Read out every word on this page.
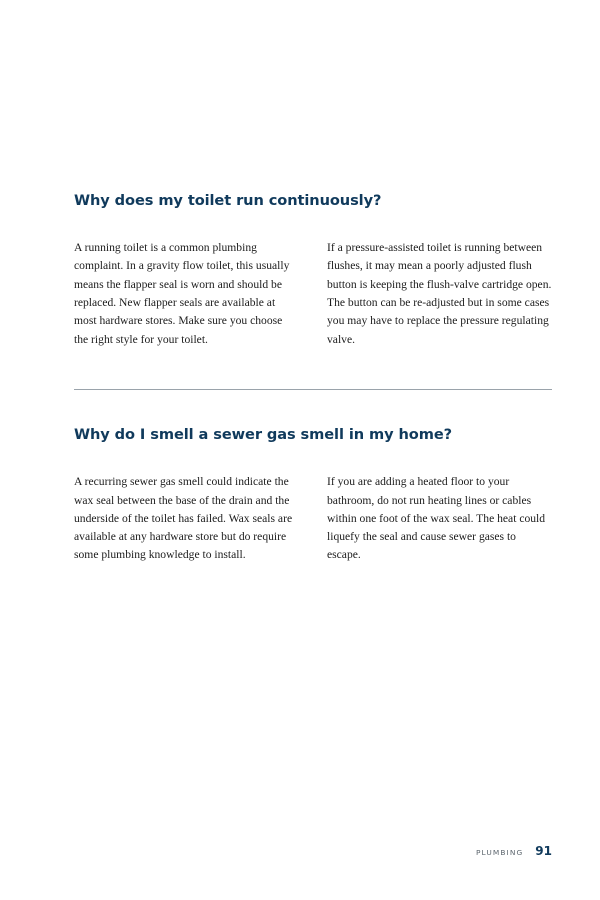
Why does my toilet run continuously?

A running toilet is a common plumbing complaint. In a gravity flow toilet, this usually means the flapper seal is worn and should be replaced. New flapper seals are available at most hardware stores. Make sure you choose the right style for your toilet.

If a pressure-assisted toilet is running between flushes, it may mean a poorly adjusted flush button is keeping the flush-valve cartridge open. The button can be re-adjusted but in some cases you may have to replace the pressure regulating valve.

Why do I smell a sewer gas smell in my home?

A recurring sewer gas smell could indicate the wax seal between the base of the drain and the underside of the toilet has failed. Wax seals are available at any hardware store but do require some plumbing knowledge to install.

If you are adding a heated floor to your bathroom, do not run heating lines or cables within one foot of the wax seal. The heat could liquefy the seal and cause sewer gases to escape.

PLUMBING 91
